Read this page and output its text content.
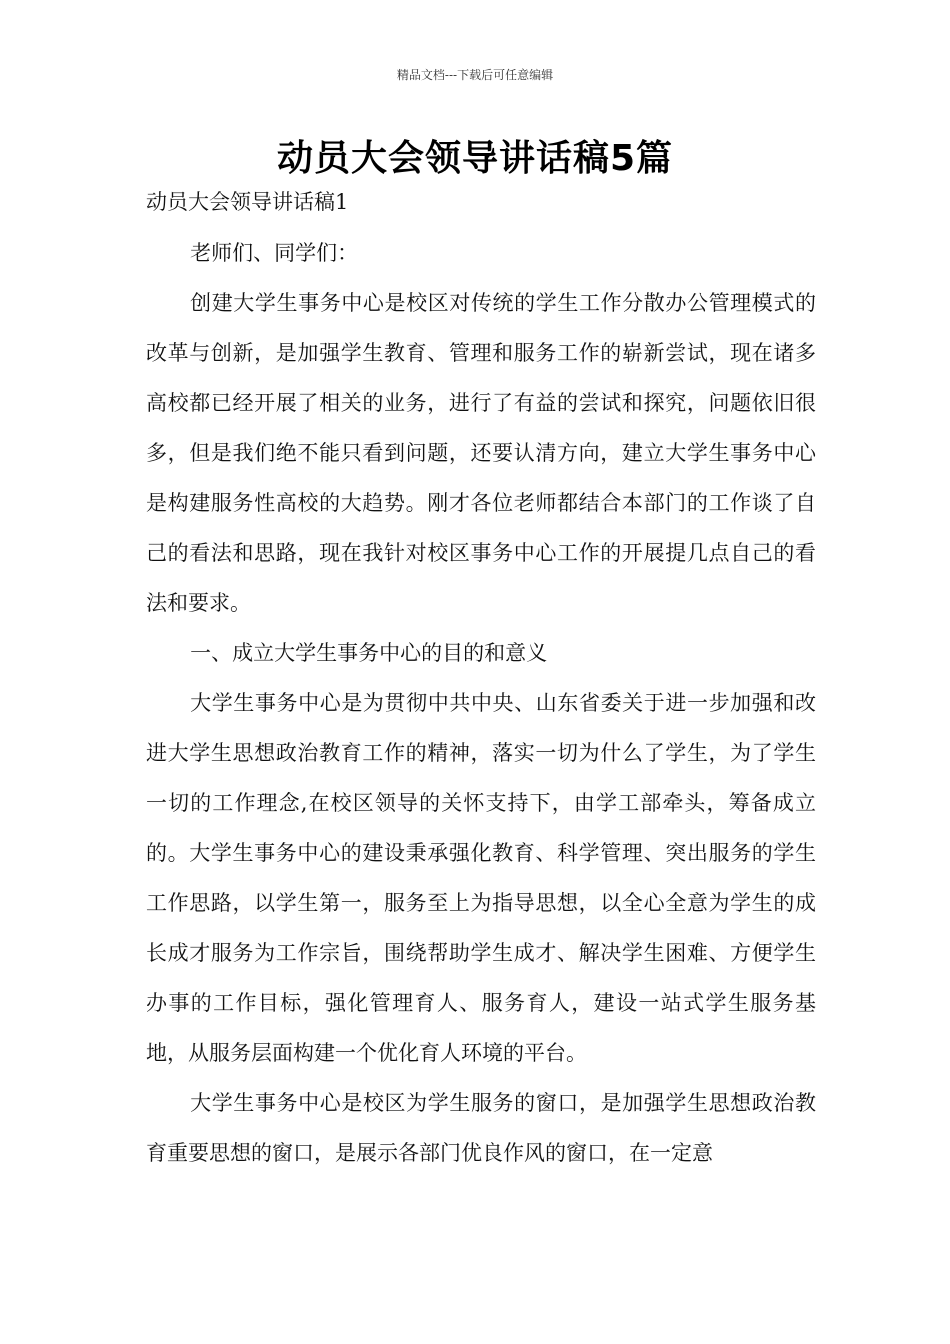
精品文档---下载后可任意编辑
动员大会领导讲话稿5篇
动员大会领导讲话稿1

老师们、同学们：

创建大学生事务中心是校区对传统的学生工作分散办公管理模式的改革与创新，是加强学生教育、管理和服务工作的崭新尝试，现在诸多高校都已经开展了相关的业务，进行了有益的尝试和探究，问题依旧很多，但是我们绝不能只看到问题，还要认清方向，建立大学生事务中心是构建服务性高校的大趋势。刚才各位老师都结合本部门的工作谈了自己的看法和思路，现在我针对校区事务中心工作的开展提几点自己的看法和要求。

一、成立大学生事务中心的目的和意义

大学生事务中心是为贯彻中共中央、山东省委关于进一步加强和改进大学生思想政治教育工作的精神，落实一切为什么了学生，为了学生一切的工作理念,在校区领导的关怀支持下，由学工部牵头，筹备成立的。大学生事务中心的建设秉承强化教育、科学管理、突出服务的学生工作思路，以学生第一，服务至上为指导思想，以全心全意为学生的成长成才服务为工作宗旨，围绕帮助学生成才、解决学生困难、方便学生办事的工作目标，强化管理育人、服务育人，建设一站式学生服务基地，从服务层面构建一个优化育人环境的平台。

大学生事务中心是校区为学生服务的窗口，是加强学生思想政治教育重要思想的窗口，是展示各部门优良作风的窗口，在一定意
